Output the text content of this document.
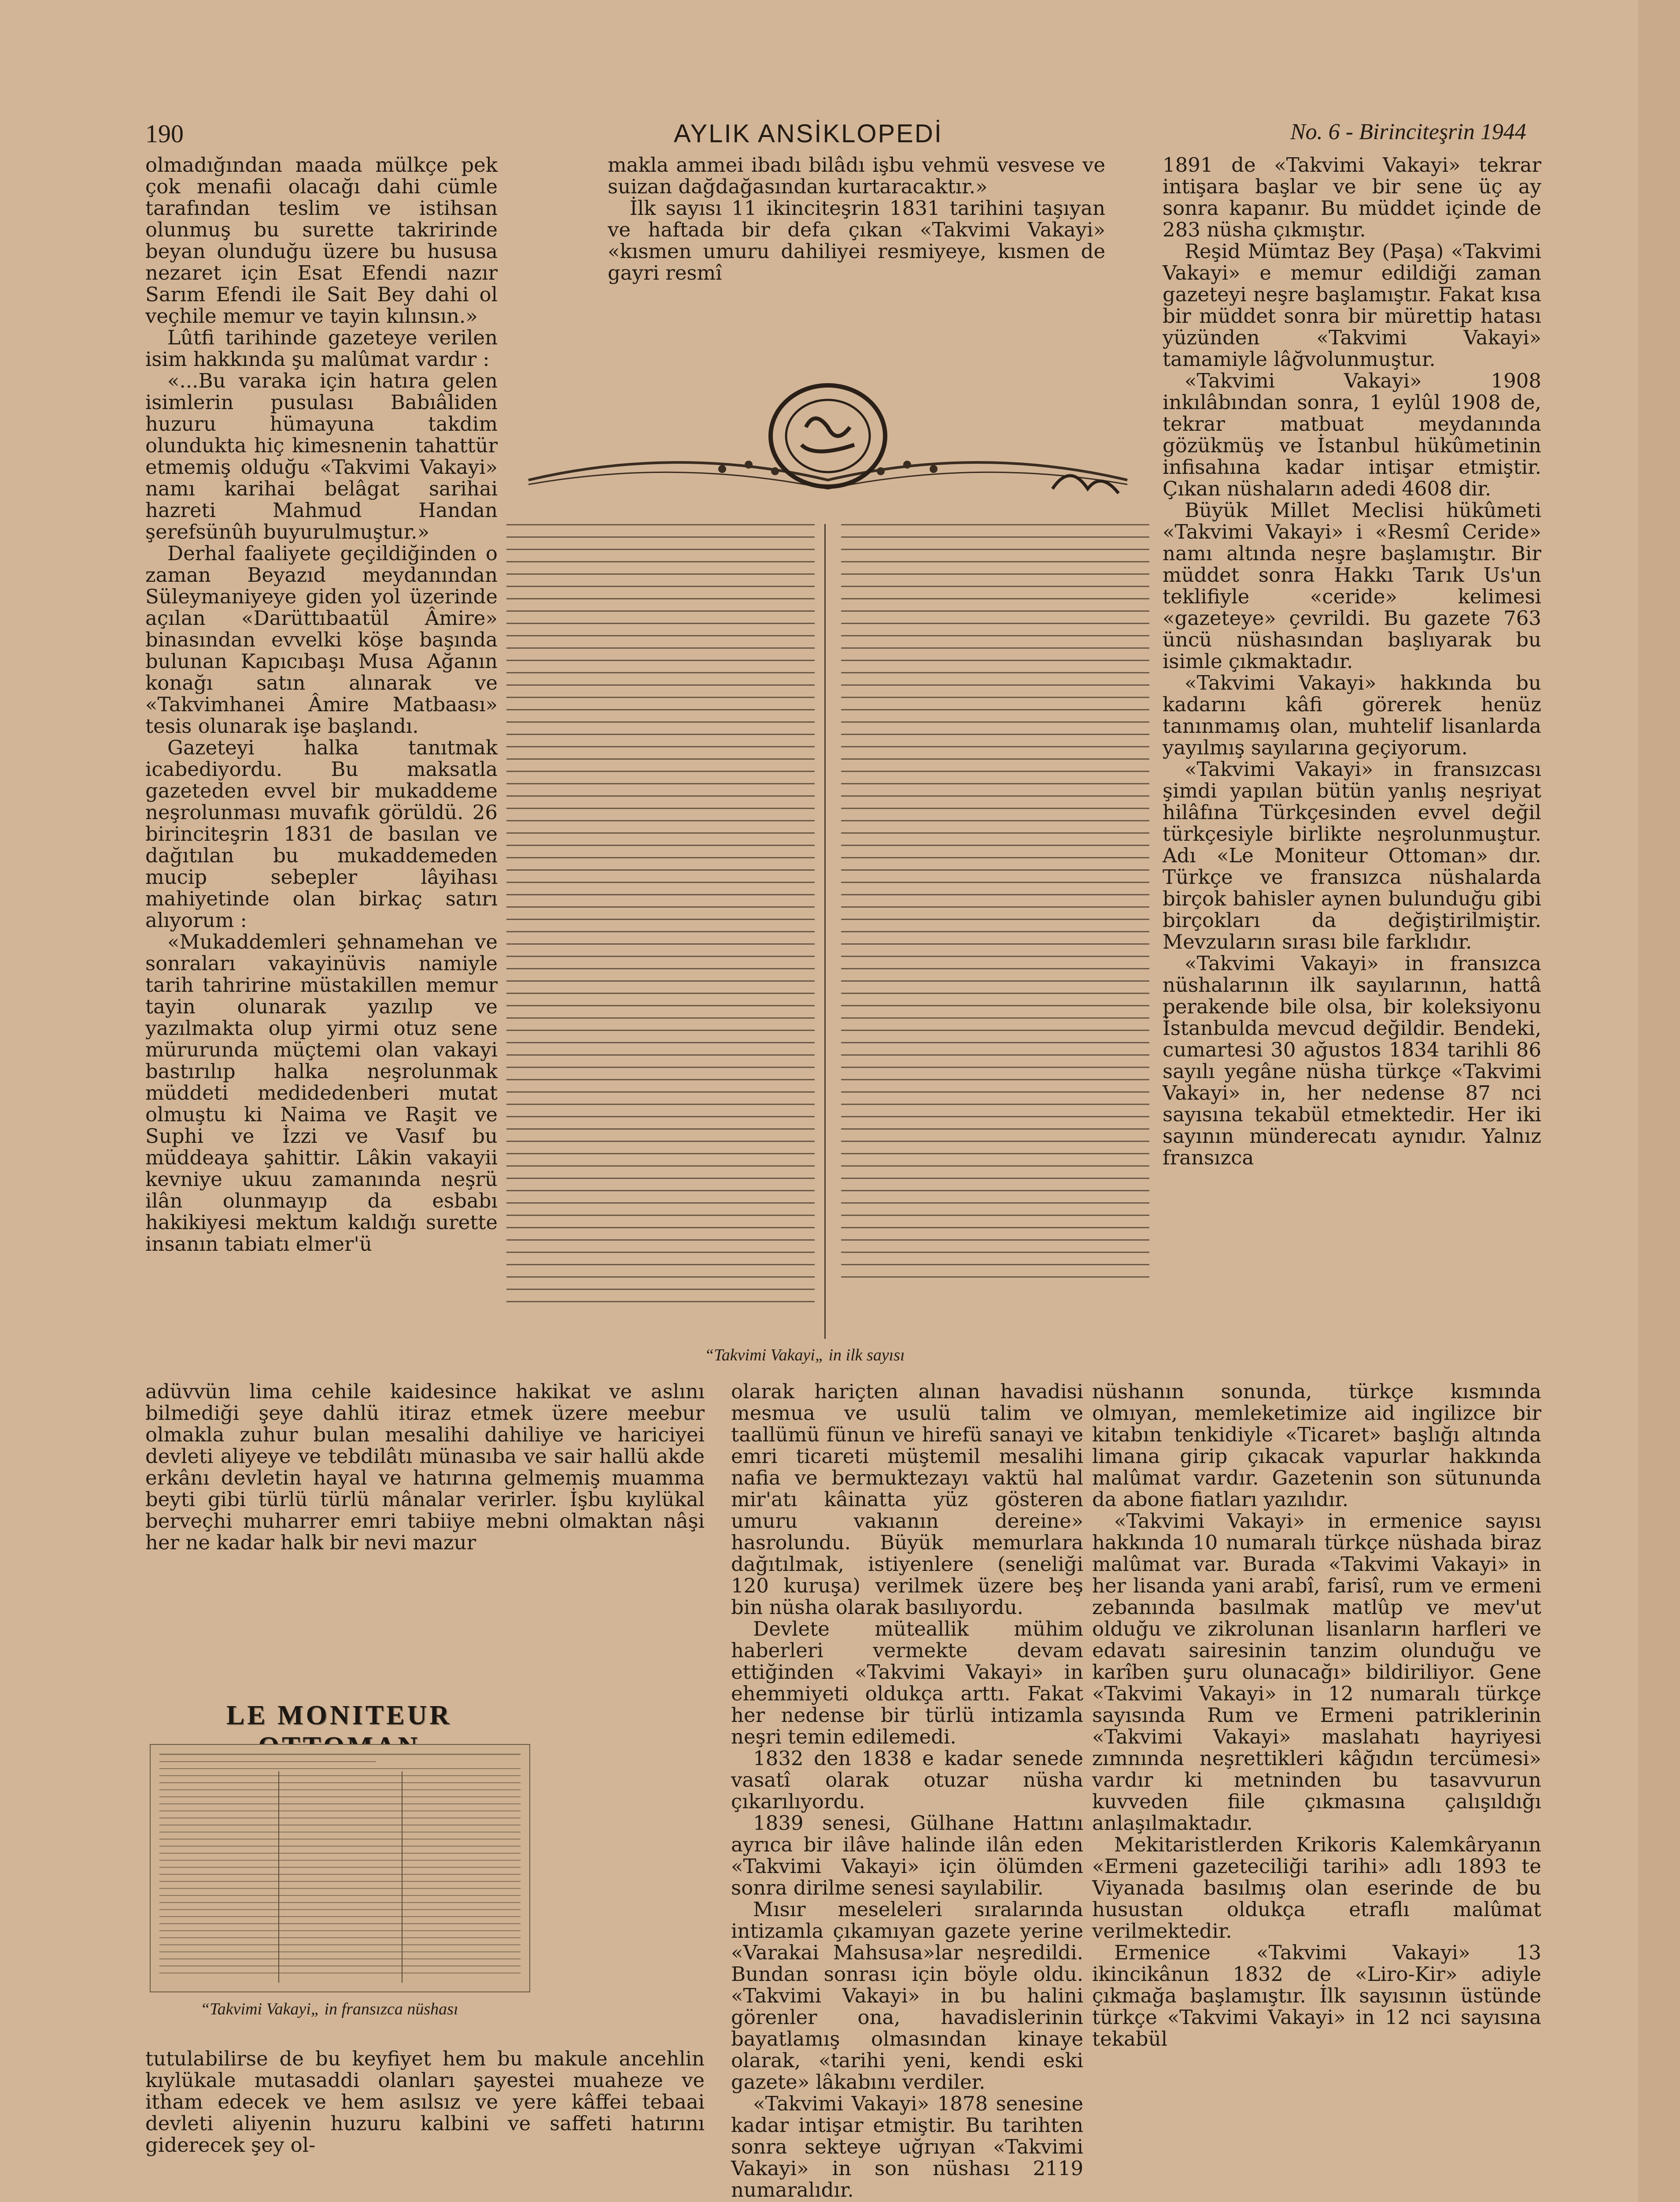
190	AYLIK ANSİKLOPEDİ	No. 6 - Birinciteşrin 1944

olmadığından maada mülkçe pek çok menafii olacağı dahi cümle tarafından teslim ve istihsan olunmuş bu surette takririnde beyan olunduğu üzere bu hususa nezaret için Esat Efendi nazır Sarım Efendi ile Sait Bey dahi ol veçhile memur ve tayin kılınsın.»

Lûtfi tarihinde gazeteye verilen isim hakkında şu malûmat vardır :

«...Bu varaka için hatıra gelen isimlerin pusulası Babıâliden huzuru hümayuna takdim olundukta hiç kimesnenin tahattür etmemiş olduğu «Takvimi Vakayi» namı karihai belâgat sarihai hazreti Mahmud Handan şerefsünûh buyurulmuştur.»

Derhal faaliyete geçildiğinden o zaman Beyazıd meydanından Süleymaniyeye giden yol üzerinde açılan «Darüttıbaatül Âmire» binasından evvelki köşe başında bulunan Kapıcıbaşı Musa Ağanın konağı satın alınarak ve «Takvimhanei Âmire Matbaası» tesis olunarak işe başlandı.

Gazeteyi halka tanıtmak icabediyordu. Bu maksatla gazeteden evvel bir mukaddeme neşrolunması muvafık görüldü. 26 birinciteşrin 1831 de basılan ve dağıtılan bu mukaddemeden mucip sebepler lâyihası mahiyetinde olan birkaç satırı alıyorum :

«Mukaddemleri şehnamehan ve sonraları vakayinüvis namiyle tarih tahririne müstakillen memur tayin olunarak yazılıp ve yazılmakta olup yirmi otuz sene mürurunda müçtemi olan vakayi bastırılıp halka neşrolunmak müddeti medidedenberi mutat olmuştu ki Naima ve Raşit ve Suphi ve İzzi ve Vasıf bu müddeaya şahittir. Lâkin vakayii kevniye ukuu zamanında neşrü ilân olunmayıp da esbabı hakikiyesi mektum kaldığı surette insanın tabiatı elmer'ü

makla ammei ibadı bilâdı işbu vehmü vesvese ve suizan dağdağasından kurtaracaktır.»

İlk sayısı 11 ikinciteşrin 1831 tarihini taşıyan ve haftada bir defa çıkan «Takvimi Vakayi» «kısmen umuru dahiliyei resmiyeye, kısmen de gayri resmî

“Takvimi Vakayi„ in ilk sayısı

1891 de «Takvimi Vakayi» tekrar intişara başlar ve bir sene üç ay sonra kapanır. Bu müddet içinde de 283 nüsha çıkmıştır.

Reşid Mümtaz Bey (Paşa) «Takvimi Vakayi» e memur edildiği zaman gazeteyi neşre başlamıştır. Fakat kısa bir müddet sonra bir mürettip hatası yüzünden «Takvimi Vakayi» tamamiyle lâğvolunmuştur.

«Takvimi Vakayi» 1908 inkılâbından sonra, 1 eylûl 1908 de, tekrar matbuat meydanında gözükmüş ve İstanbul hükûmetinin infisahına kadar intişar etmiştir. Çıkan nüshaların adedi 4608 dir.

Büyük Millet Meclisi hükûmeti «Takvimi Vakayi» i «Resmî Ceride» namı altında neşre başlamıştır. Bir müddet sonra Hakkı Tarık Us'un teklifiyle «ceride» kelimesi «gazeteye» çevrildi. Bu gazete 763 üncü nüshasından başlıyarak bu isimle çıkmaktadır.

«Takvimi Vakayi» hakkında bu kadarını kâfi görerek henüz tanınmamış olan, muhtelif lisanlarda yayılmış sayılarına geçiyorum.

«Takvimi Vakayi» in fransızcası şimdi yapılan bütün yanlış neşriyat hilâfına Türkçesinden evvel değil türkçesiyle birlikte neşrolunmuştur. Adı «Le Moniteur Ottoman» dır. Türkçe ve fransızca nüshalarda birçok bahisler aynen bulunduğu gibi birçokları da değiştirilmiştir. Mevzuların sırası bile farklıdır.

«Takvimi Vakayi» in fransızca nüshalarının ilk sayılarının, hattâ perakende bile olsa, bir koleksiyonu İstanbulda mevcud değildir. Bendeki, cumartesi 30 ağustos 1834 tarihli 86 sayılı yegâne nüsha türkçe «Takvimi Vakayi» in, her nedense 87 nci sayısına tekabül etmektedir. Her iki sayının münderecatı aynıdır. Yalnız fransızca

adüvvün lima cehile kaidesince hakikat ve aslını bilmediği şeye dahlü itiraz etmek üzere meebur olmakla zuhur bulan mesalihi dahiliye ve hariciyei devleti aliyeye ve tebdilâtı münasıba ve sair hallü akde erkânı devletin hayal ve hatırına gelmemiş muamma beyti gibi türlü türlü mânalar verirler. İşbu kıylükal berveçhi muharrer emri tabiiye mebni olmaktan nâşi her ne kadar halk bir nevi mazur

LE MONITEUR
“Takvimi Vakayi„ in fransızca nüshası

tutulabilirse de bu keyfiyet hem bu makule ancehlin kıylükale mutasaddi olanları şayestei muaheze ve itham edecek ve hem asılsız ve yere kâffei tebaai devleti aliyenin huzuru kalbini ve saffeti hatırını giderecek şey ol-

olarak hariçten alınan havadisi mesmua ve usulü talim ve taallümü fünun ve hirefü sanayi ve emri ticareti müştemil mesalihi nafia ve bermuktezayı vaktü hal mir'atı kâinatta yüz gösteren umuru vakıanın dereine» hasrolundu. Büyük memurlara dağıtılmak, istiyenlere (seneliği 120 kuruşa) verilmek üzere beş bin nüsha olarak basılıyordu.

Devlete müteallik mühim haberleri vermekte devam ettiğinden «Takvimi Vakayi» in ehemmiyeti oldukça arttı. Fakat her nedense bir türlü intizamla neşri temin edilemedi.

1832 den 1838 e kadar senede vasatî olarak otuzar nüsha çıkarılıyordu.

1839 senesi, Gülhane Hattını ayrıca bir ilâve halinde ilân eden «Takvimi Vakayi» için ölümden sonra dirilme senesi sayılabilir.

Mısır meseleleri sıralarında intizamla çıkamıyan gazete yerine «Varakai Mahsusa»lar neşredildi. Bundan sonrası için böyle oldu. «Takvimi Vakayi» in bu halini görenler ona, havadislerinin bayatlamış olmasından kinaye olarak, «tarihi yeni, kendi eski gazete» lâkabını verdiler.

«Takvimi Vakayi» 1878 senesine kadar intişar etmiştir. Bu tarihten sonra sekteye uğrıyan «Takvimi Vakayi» in son nüshası 2119 numaralıdır.

nüshanın sonunda, türkçe kısmında olmıyan, memleketimize aid ingilizce bir kitabın tenkidiyle «Ticaret» başlığı altında limana girip çıkacak vapurlar hakkında malûmat vardır. Gazetenin son sütununda da abone fiatları yazılıdır.

«Takvimi Vakayi» in ermenice sayısı hakkında 10 numaralı türkçe nüshada biraz malûmat var. Burada «Takvimi Vakayi» in her lisanda yani arabî, farisî, rum ve ermeni zebanında basılmak matlûp ve mev'ut olduğu ve zikrolunan lisanların harfleri ve edavatı sairesinin tanzim olunduğu ve karîben şuru olunacağı» bildiriliyor. Gene «Takvimi Vakayi» in 12 numaralı türkçe sayısında Rum ve Ermeni patriklerinin «Takvimi Vakayi» maslahatı hayriyesi zımnında neşrettikleri kâğıdın tercümesi» vardır ki metninden bu tasavvurun kuvveden fiile çıkmasına çalışıldığı anlaşılmaktadır.

Mekitaristlerden Krikoris Kalemkâryanın «Ermeni gazeteciliği tarihi» adlı 1893 te Viyanada basılmış olan eserinde de bu husustan oldukça etraflı malûmat verilmektedir.

Ermenice «Takvimi Vakayi» 13 ikincikânun 1832 de «Liro-Kir» adiyle çıkmağa başlamıştır. İlk sayısının üstünde türkçe «Takvimi Vakayi» in 12 nci sayısına tekabül
